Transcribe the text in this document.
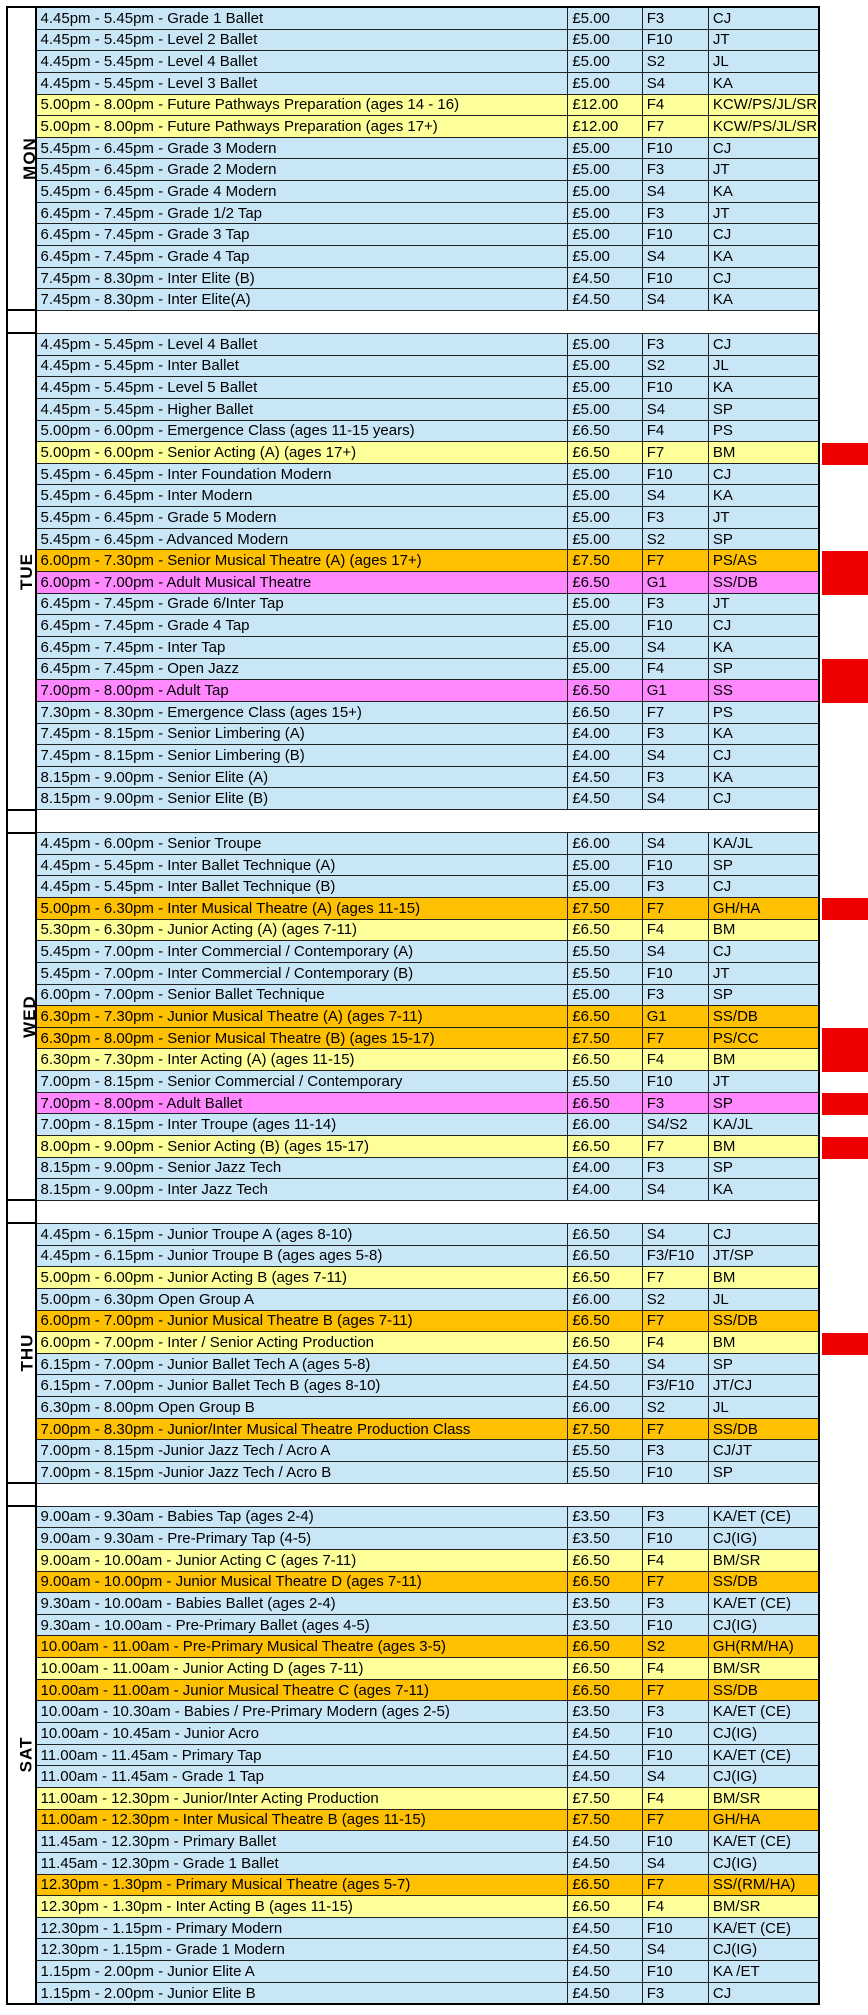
MON	4.45pm - 5.45pm - Grade 1 Ballet	£5.00	F3	CJ
	4.45pm - 5.45pm - Level 2 Ballet	£5.00	F10	JT
	4.45pm - 5.45pm - Level 4 Ballet	£5.00	S2	JL
	4.45pm - 5.45pm - Level 3 Ballet	£5.00	S4	KA
	5.00pm - 8.00pm - Future Pathways Preparation (ages 14 - 16)	£12.00	F4	KCW/PS/JL/SR
	5.00pm - 8.00pm - Future Pathways Preparation (ages 17+)	£12.00	F7	KCW/PS/JL/SR
	5.45pm - 6.45pm - Grade 3 Modern	£5.00	F10	CJ
	5.45pm - 6.45pm - Grade 2 Modern	£5.00	F3	JT
	5.45pm - 6.45pm - Grade 4 Modern	£5.00	S4	KA
	6.45pm - 7.45pm - Grade 1/2 Tap	£5.00	F3	JT
	6.45pm - 7.45pm - Grade 3 Tap	£5.00	F10	CJ
	6.45pm - 7.45pm - Grade 4 Tap	£5.00	S4	KA
	7.45pm - 8.30pm - Inter Elite (B)	£4.50	F10	CJ
	7.45pm - 8.30pm - Inter Elite(A)	£4.50	S4	KA

TUE	4.45pm - 5.45pm - Level 4 Ballet	£5.00	F3	CJ
	4.45pm - 5.45pm - Inter Ballet	£5.00	S2	JL
	4.45pm - 5.45pm - Level 5 Ballet	£5.00	F10	KA
	4.45pm - 5.45pm - Higher Ballet	£5.00	S4	SP
	5.00pm - 6.00pm - Emergence Class (ages 11-15 years)	£6.50	F4	PS
	5.00pm - 6.00pm - Senior Acting (A) (ages 17+)	£6.50	F7	BM
	5.45pm - 6.45pm - Inter Foundation Modern	£5.00	F10	CJ
	5.45pm - 6.45pm - Inter Modern	£5.00	S4	KA
	5.45pm - 6.45pm - Grade 5 Modern	£5.00	F3	JT
	5.45pm - 6.45pm - Advanced Modern	£5.00	S2	SP
	6.00pm - 7.30pm - Senior Musical Theatre (A) (ages 17+)	£7.50	F7	PS/AS
	6.00pm - 7.00pm - Adult Musical Theatre	£6.50	G1	SS/DB
	6.45pm - 7.45pm - Grade 6/Inter Tap	£5.00	F3	JT
	6.45pm - 7.45pm - Grade 4 Tap	£5.00	F10	CJ
	6.45pm - 7.45pm - Inter Tap	£5.00	S4	KA
	6.45pm - 7.45pm - Open Jazz	£5.00	F4	SP
	7.00pm - 8.00pm - Adult Tap	£6.50	G1	SS
	7.30pm - 8.30pm - Emergence Class (ages 15+)	£6.50	F7	PS
	7.45pm - 8.15pm - Senior Limbering (A)	£4.00	F3	KA
	7.45pm - 8.15pm - Senior Limbering (B)	£4.00	S4	CJ
	8.15pm - 9.00pm - Senior Elite (A)	£4.50	F3	KA
	8.15pm - 9.00pm - Senior Elite (B)	£4.50	S4	CJ

WED	4.45pm - 6.00pm - Senior Troupe	£6.00	S4	KA/JL
	4.45pm - 5.45pm - Inter Ballet Technique (A)	£5.00	F10	SP
	4.45pm - 5.45pm - Inter Ballet Technique (B)	£5.00	F3	CJ
	5.00pm - 6.30pm - Inter Musical Theatre (A) (ages 11-15)	£7.50	F7	GH/HA
	5.30pm - 6.30pm - Junior Acting (A) (ages 7-11)	£6.50	F4	BM
	5.45pm - 7.00pm - Inter Commercial / Contemporary (A)	£5.50	S4	CJ
	5.45pm - 7.00pm - Inter Commercial / Contemporary (B)	£5.50	F10	JT
	6.00pm - 7.00pm - Senior Ballet Technique	£5.00	F3	SP
	6.30pm - 7.30pm - Junior Musical Theatre (A) (ages 7-11)	£6.50	G1	SS/DB
	6.30pm - 8.00pm - Senior Musical Theatre (B) (ages 15-17)	£7.50	F7	PS/CC
	6.30pm - 7.30pm - Inter Acting (A) (ages 11-15)	£6.50	F4	BM
	7.00pm - 8.15pm - Senior Commercial / Contemporary	£5.50	F10	JT
	7.00pm - 8.00pm - Adult Ballet	£6.50	F3	SP
	7.00pm - 8.15pm - Inter Troupe (ages 11-14)	£6.00	S4/S2	KA/JL
	8.00pm - 9.00pm - Senior Acting (B) (ages 15-17)	£6.50	F7	BM
	8.15pm - 9.00pm - Senior Jazz Tech	£4.00	F3	SP
	8.15pm - 9.00pm - Inter Jazz Tech	£4.00	S4	KA

THU	4.45pm - 6.15pm - Junior Troupe A (ages 8-10)	£6.50	S4	CJ
	4.45pm - 6.15pm - Junior Troupe B (ages ages 5-8)	£6.50	F3/F10	JT/SP
	5.00pm - 6.00pm - Junior Acting B (ages 7-11)	£6.50	F7	BM
	5.00pm - 6.30pm Open Group A	£6.00	S2	JL
	6.00pm - 7.00pm - Junior Musical Theatre B (ages 7-11)	£6.50	F7	SS/DB
	6.00pm - 7.00pm - Inter / Senior Acting Production	£6.50	F4	BM
	6.15pm - 7.00pm - Junior Ballet Tech A (ages 5-8)	£4.50	S4	SP
	6.15pm - 7.00pm - Junior Ballet Tech B (ages 8-10)	£4.50	F3/F10	JT/CJ
	6.30pm - 8.00pm Open Group B	£6.00	S2	JL
	7.00pm - 8.30pm - Junior/Inter Musical Theatre Production Class	£7.50	F7	SS/DB
	7.00pm - 8.15pm -Junior Jazz Tech / Acro A	£5.50	F3	CJ/JT
	7.00pm - 8.15pm -Junior Jazz Tech / Acro B	£5.50	F10	SP

SAT	9.00am - 9.30am - Babies Tap (ages 2-4)	£3.50	F3	KA/ET (CE)
	9.00am - 9.30am - Pre-Primary Tap (4-5)	£3.50	F10	CJ(IG)
	9.00am - 10.00am - Junior Acting C (ages 7-11)	£6.50	F4	BM/SR
	9.00am - 10.00pm - Junior Musical Theatre D (ages 7-11)	£6.50	F7	SS/DB
	9.30am - 10.00am - Babies Ballet (ages 2-4)	£3.50	F3	KA/ET (CE)
	9.30am - 10.00am - Pre-Primary Ballet (ages 4-5)	£3.50	F10	CJ(IG)
	10.00am - 11.00am - Pre-Primary Musical Theatre (ages 3-5)	£6.50	S2	GH(RM/HA)
	10.00am - 11.00am - Junior Acting D (ages 7-11)	£6.50	F4	BM/SR
	10.00am - 11.00am - Junior Musical Theatre C (ages 7-11)	£6.50	F7	SS/DB
	10.00am - 10.30am - Babies / Pre-Primary Modern (ages 2-5)	£3.50	F3	KA/ET (CE)
	10.00am - 10.45am - Junior Acro	£4.50	F10	CJ(IG)
	11.00am - 11.45am - Primary Tap	£4.50	F10	KA/ET (CE)
	11.00am - 11.45am - Grade 1 Tap	£4.50	S4	CJ(IG)
	11.00am - 12.30pm - Junior/Inter Acting Production	£7.50	F4	BM/SR
	11.00am - 12.30pm - Inter Musical Theatre B (ages 11-15)	£7.50	F7	GH/HA
	11.45am - 12.30pm - Primary Ballet	£4.50	F10	KA/ET (CE)
	11.45am - 12.30pm - Grade 1 Ballet	£4.50	S4	CJ(IG)
	12.30pm - 1.30pm - Primary Musical Theatre (ages 5-7)	£6.50	F7	SS/(RM/HA)
	12.30pm - 1.30pm - Inter Acting B (ages 11-15)	£6.50	F4	BM/SR
	12.30pm - 1.15pm - Primary Modern	£4.50	F10	KA/ET (CE)
	12.30pm - 1.15pm - Grade 1 Modern	£4.50	S4	CJ(IG)
	1.15pm - 2.00pm - Junior Elite A	£4.50	F10	KA /ET
	1.15pm - 2.00pm - Junior Elite B	£4.50	F3	CJ
